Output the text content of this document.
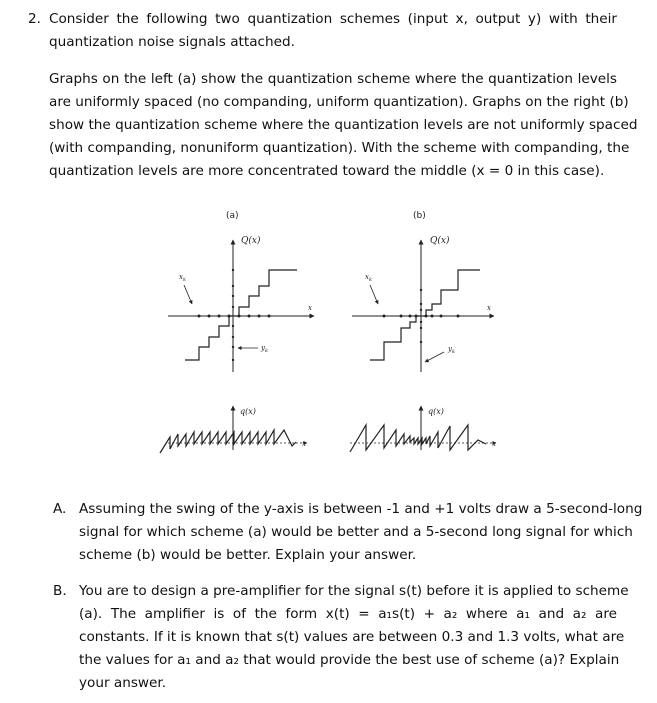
2. Consider the following two quantization schemes (input x, output y) with their
quantization noise signals attached.
Graphs on the left (a) show the quantization scheme where the quantization levels
are uniformly spaced (no companding, uniform quantization). Graphs on the right (b)
show the quantization scheme where the quantization levels are not uniformly spaced
(with companding, nonuniform quantization). With the scheme with companding, the
quantization levels are more concentrated toward the middle (x = 0 in this case).
(a)	(b)
Q(x)
x
$x_k$
$y_k$
Q(x)
x
$x_k$
$y_k$
q(x)
x
q(x)
x
A. Assuming the swing of the y-axis is between -1 and +1 volts draw a 5-second-long
signal for which scheme (a) would be better and a 5-second long signal for which
scheme (b) would be better. Explain your answer.
B. You are to design a pre-amplifier for the signal s(t) before it is applied to scheme
(a). The amplifier is of the form x(t) = a₁s(t) + a₂ where a₁ and a₂ are
constants. If it is known that s(t) values are between 0.3 and 1.3 volts, what are
the values for a₁ and a₂ that would provide the best use of scheme (a)? Explain
your answer.
